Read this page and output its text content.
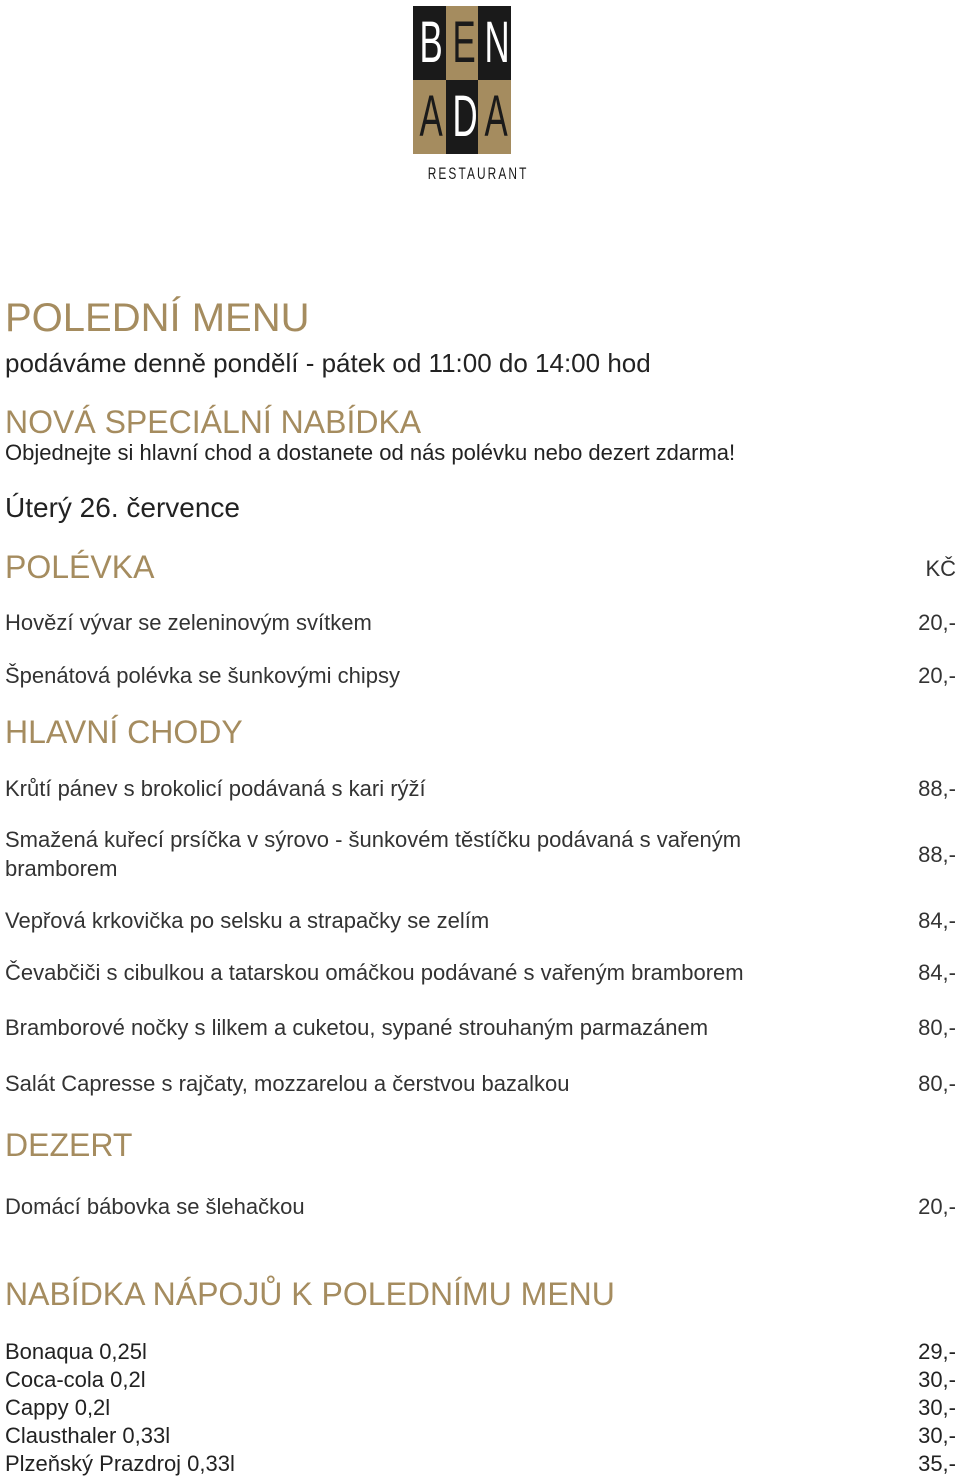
B E N
A D A
RESTAURANT
POLEDNÍ MENU
podáváme denně pondělí - pátek od 11:00 do 14:00 hod
NOVÁ SPECIÁLNÍ NABÍDKA
Objednejte si hlavní chod a dostanete od nás polévku nebo dezert zdarma!
Úterý 26. července
POLÉVKA	KČ
Hovězí vývar se zeleninovým svítkem	20,-
Špenátová polévka se šunkovými chipsy	20,-
HLAVNÍ CHODY
Krůtí pánev s brokolicí podávaná s kari rýží	88,-
Smažená kuřecí prsíčka v sýrovo - šunkovém těstíčku podávaná s vařeným
bramborem
88,-
Vepřová krkovička po selsku a strapačky se zelím	84,-
Čevabčiči s cibulkou a tatarskou omáčkou podávané s vařeným bramborem	84,-
Bramborové nočky s lilkem a cuketou, sypané strouhaným parmazánem	80,-
Salát Capresse s rajčaty, mozzarelou a čerstvou bazalkou	80,-
DEZERT
Domácí bábovka se šlehačkou	20,-
NABÍDKA NÁPOJŮ K POLEDNÍMU MENU
Bonaqua 0,25l	29,-
Coca-cola 0,2l	30,-
Cappy 0,2l	30,-
Clausthaler 0,33l	30,-
Plzeňský Prazdroj 0,33l	35,-
